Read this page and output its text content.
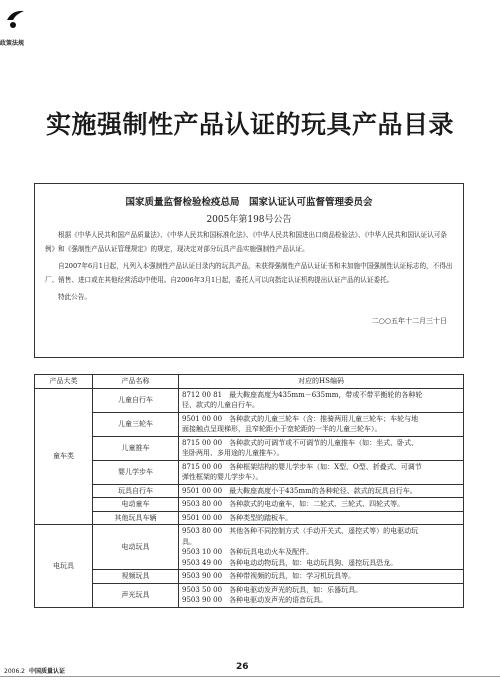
政策法规
实施强制性产品认证的玩具产品目录
国家质量监督检验检疫总局　国家认证认可监督管理委员会
2005年第198号公告

根据《中华人民共和国产品质量法》、《中华人民共和国标准化法》、《中华人民共和国进出口商品检验法》、《中华人民共和国认证认可条例》和《强制性产品认证管理规定》的规定，现决定对部分玩具产品实施强制性产品认证。

自2007年6月1日起，凡列入本强制性产品认证目录内的玩具产品，未获得强制性产品认证证书和未加施中国强制性认证标志的，不得出厂、销售、进口或在其他经营活动中使用。自2006年3月1日起，委托人可以向指定认证机构提出认证产品的认证委托。

特此公告。

二○○五年十二月三十日
产品大类	产品名称	对应的HS编码
童车类	儿童自行车	8712 00 81　最大鞍座高度为435mm－635mm，带或不带平衡轮的各种轮
径、款式的儿童自行车。

	儿童三轮车	9501 00 00　各种款式的儿童三轮车（含：推骑两用儿童三轮车；车轮与地
面接触点呈现梯形，且窄轮距小于宽轮距的一半的儿童三轮车）。

	儿童推车	8715 00 00　各种款式的可调节或不可调节的儿童推车（如：坐式、卧式、
坐卧两用、多用途的儿童推车）。

	婴儿学步车	8715 00 00　各种框架结构的婴儿学步车（如：X型、O型、折叠式、可调节
弹性框架的婴儿学步车）。

	玩具自行车	9501 00 00　最大鞍座高度小于435mm的各种轮径、款式的玩具自行车。

	电动童车	9503 80 00　各种款式的电动童车，如：二轮式、三轮式、四轮式等。

	其他玩具车辆	9501 00 00　各种类型的踏板车。

电玩具	电动玩具	9503 80 00　其他各种不同控制方式（手动开关式、遥控式等）的电驱动玩
具。
9503 10 00　各种玩具电动火车及配件。
9503 49 00　各种电动动物玩具，如：电动玩具狗、遥控玩具恐龙。

	视频玩具	9503 90 00　各种带视频的玩具，如：学习机玩具等。

	声光玩具	9503 50 00　各种电驱动发声光的玩具，如：乐器玩具。
9503 90 00　各种电驱动发声光的语音玩具。
2006.2 中国质量认证	26
